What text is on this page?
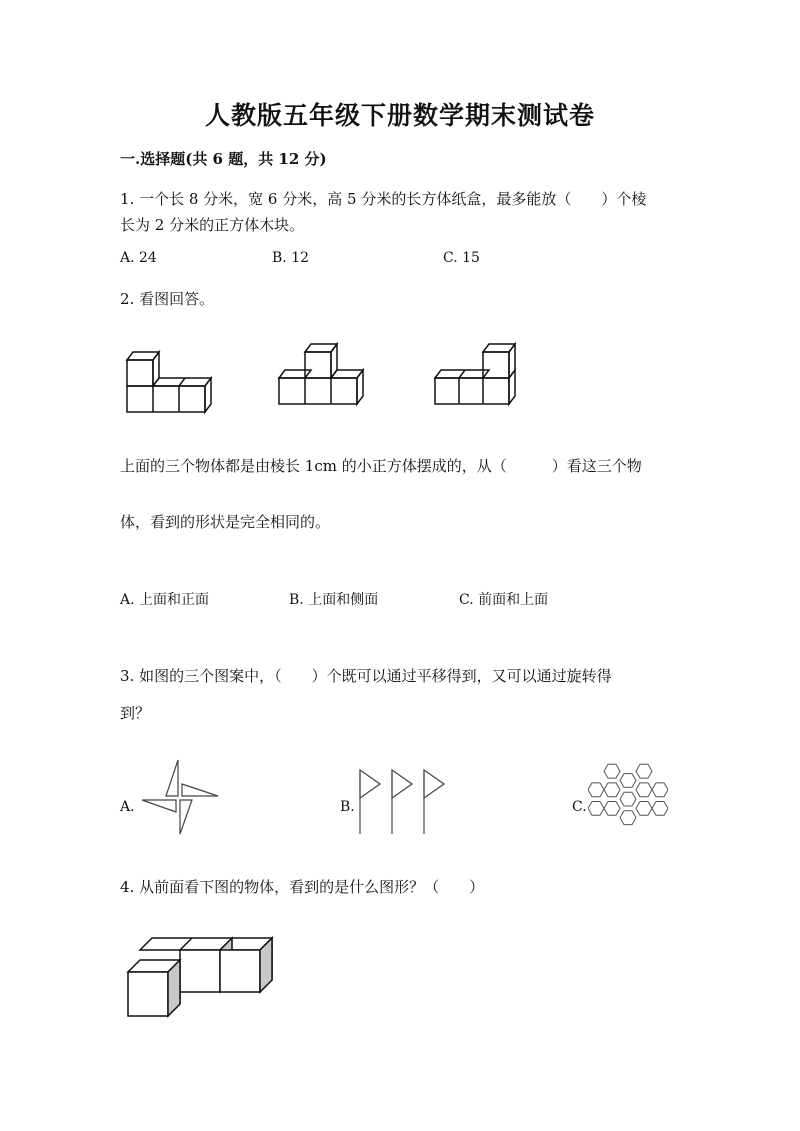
人教版五年级下册数学期末测试卷
一.选择题(共 6 题，共 12 分)
1. 一个长 8 分米，宽 6 分米，高 5 分米的长方体纸盒，最多能放（　　）个棱
长为 2 分米的正方体木块。
A. 24	B. 12	C. 15
2. 看图回答。
上面的三个物体都是由棱长 1cm 的小正方体摆成的，从（　　　）看这三个物
体，看到的形状是完全相同的。
A. 上面和正面	B. 上面和侧面	C. 前面和上面
3. 如图的三个图案中，（　　）个既可以通过平移得到，又可以通过旋转得
到？
A.	B.	C.
4. 从前面看下图的物体，看到的是什么图形？（　　）
